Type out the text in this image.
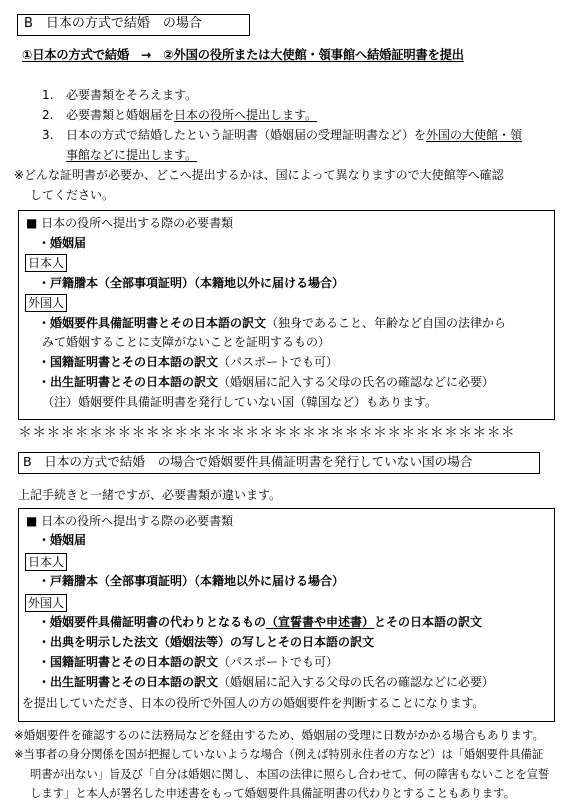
B　日本の方式で結婚　の場合
①日本の方式で結婚　→　②外国の役所または大使館・領事館へ結婚証明書を提出
1. 必要書類をそろえます。
2. 必要書類と婚姻届を日本の役所へ提出します。
3. 日本の方式で結婚したという証明書（婚姻届の受理証明書など）を外国の大使館・領
事館などに提出します。
※どんな証明書が必要か、どこへ提出するかは、国によって異なりますので大使館等へ確認
してください。
■ 日本の役所へ提出する際の必要書類
・婚姻届
日本人
・戸籍謄本（全部事項証明）（本籍地以外に届ける場合）
外国人
・婚姻要件具備証明書とその日本語の訳文（独身であること、年齢など自国の法律から
みて婚姻することに支障がないことを証明するもの）
・国籍証明書とその日本語の訳文（パスポートでも可）
・出生証明書とその日本語の訳文（婚姻届に記入する父母の氏名の確認などに必要）
（注）婚姻要件具備証明書を発行していない国（韓国など）もあります。
＊＊＊＊＊＊＊＊＊＊＊＊＊＊＊＊＊＊＊＊＊＊＊＊＊＊＊＊＊＊＊＊＊＊＊
B　日本の方式で結婚　の場合で婚姻要件具備証明書を発行していない国の場合
上記手続きと一緒ですが、必要書類が違います。
■ 日本の役所へ提出する際の必要書類
・婚姻届
日本人
・戸籍謄本（全部事項証明）（本籍地以外に届ける場合）
外国人
・婚姻要件具備証明書の代わりとなるもの（宣誓書や申述書）とその日本語の訳文
・出典を明示した法文（婚姻法等）の写しとその日本語の訳文
・国籍証明書とその日本語の訳文（パスポートでも可）
・出生証明書とその日本語の訳文（婚姻届に記入する父母の氏名の確認などに必要）
を提出していただき、日本の役所で外国人の方の婚姻要件を判断することになります。
※婚姻要件を確認するのに法務局などを経由するため、婚姻届の受理に日数がかかる場合もあります。
※当事者の身分関係を国が把握していないような場合（例えば特別永住者の方など）は「婚姻要件具備証
明書が出ない」旨及び「自分は婚姻に関し、本国の法律に照らし合わせて、何の障害もないことを宣誓
します」と本人が署名した申述書をもって婚姻要件具備証明書の代わりとすることもあります。
